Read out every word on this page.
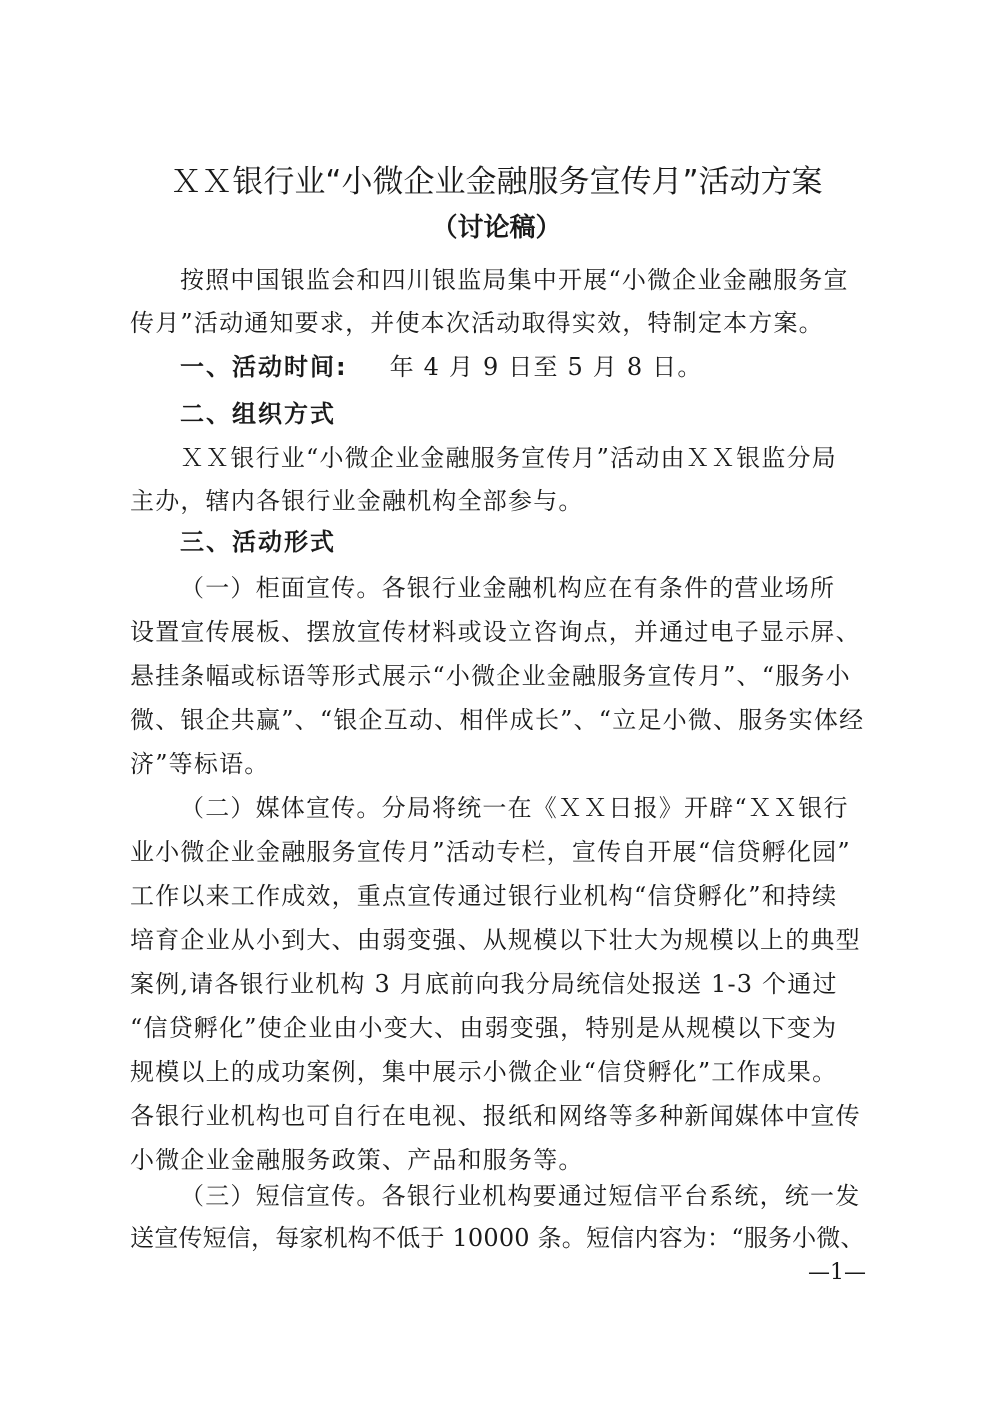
ＸＸ银行业“小微企业金融服务宣传月”活动方案
（讨论稿）
按照中国银监会和四川银监局集中开展“小微企业金融服务宣
传月”活动通知要求，并使本次活动取得实效，特制定本方案。
一、活动时间: 年 4 月 9 日至 5 月 8 日。
二、组织方式
ＸＸ银行业“小微企业金融服务宣传月”活动由ＸＸ银监分局
主办，辖内各银行业金融机构全部参与。
三、活动形式
（一）柜面宣传。各银行业金融机构应在有条件的营业场所
设置宣传展板、摆放宣传材料或设立咨询点，并通过电子显示屏、
悬挂条幅或标语等形式展示“小微企业金融服务宣传月”、“服务小
微、银企共赢”、“银企互动、相伴成长”、“立足小微、服务实体经
济”等标语。
（二）媒体宣传。分局将统一在《ＸＸ日报》开辟“ＸＸ银行
业小微企业金融服务宣传月”活动专栏，宣传自开展“信贷孵化园”
工作以来工作成效，重点宣传通过银行业机构“信贷孵化”和持续
培育企业从小到大、由弱变强、从规模以下壮大为规模以上的典型
案例,请各银行业机构 3 月底前向我分局统信处报送 1-3 个通过
“信贷孵化”使企业由小变大、由弱变强，特别是从规模以下变为
规模以上的成功案例，集中展示小微企业“信贷孵化”工作成果。
各银行业机构也可自行在电视、报纸和网络等多种新闻媒体中宣传
小微企业金融服务政策、产品和服务等。
（三）短信宣传。各银行业机构要通过短信平台系统，统一发
送宣传短信，每家机构不低于 10000 条。短信内容为：“服务小微、
—1—
